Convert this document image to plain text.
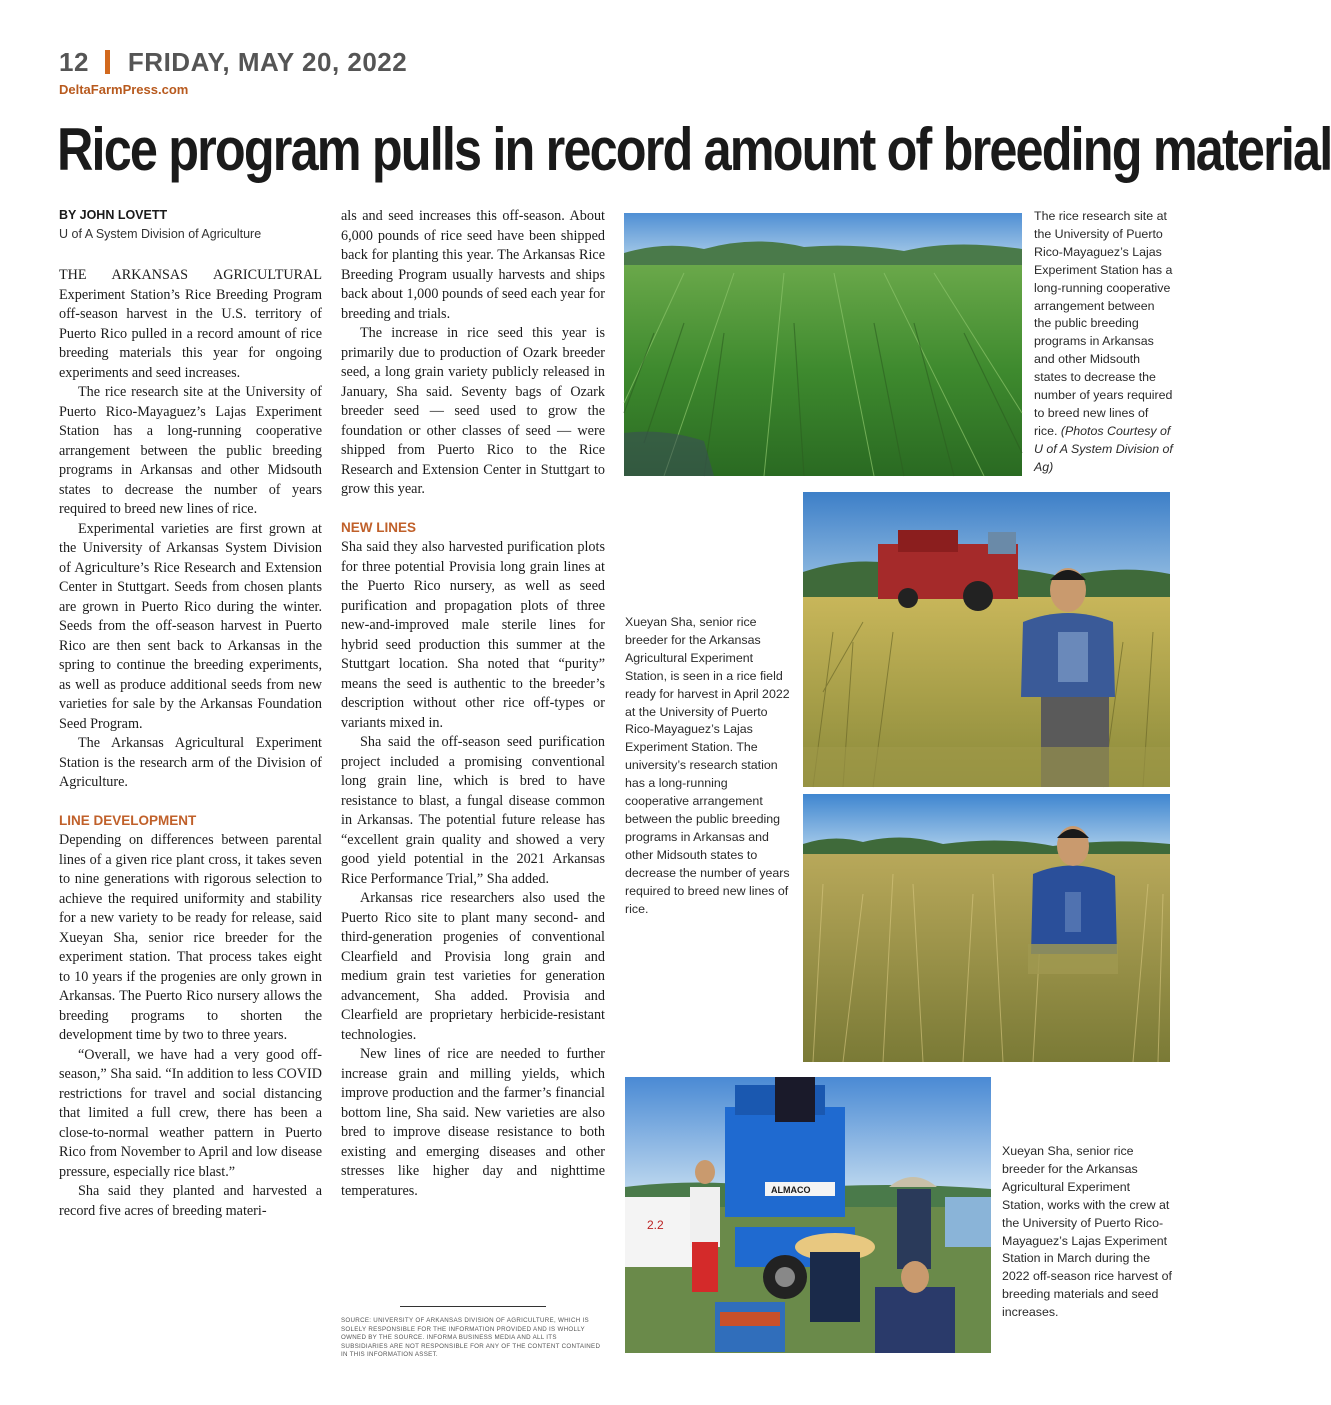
12 FRIDAY, MAY 20, 2022
DeltaFarmPress.com
Rice program pulls in record amount of breeding material
BY JOHN LOVETT
U of A System Division of Agriculture

THE ARKANSAS AGRICULTURAL Experiment Station’s Rice Breeding Program off-season harvest in the U.S. territory of Puerto Rico pulled in a record amount of rice breeding materials this year for ongoing experiments and seed increases.

The rice research site at the University of Puerto Rico-Mayaguez’s Lajas Experiment Station has a long-running cooperative arrangement between the public breeding programs in Arkansas and other Midsouth states to decrease the number of years required to breed new lines of rice.

Experimental varieties are first grown at the University of Arkansas System Division of Agriculture’s Rice Research and Extension Center in Stuttgart. Seeds from chosen plants are grown in Puerto Rico during the winter. Seeds from the off-season harvest in Puerto Rico are then sent back to Arkansas in the spring to continue the breeding experiments, as well as produce additional seeds from new varieties for sale by the Arkansas Foundation Seed Program.

The Arkansas Agricultural Experiment Station is the research arm of the Division of Agriculture.

LINE DEVELOPMENT

Depending on differences between parental lines of a given rice plant cross, it takes seven to nine generations with rigorous selection to achieve the required uniformity and stability for a new variety to be ready for release, said Xueyan Sha, senior rice breeder for the experiment station. That process takes eight to 10 years if the progenies are only grown in Arkansas. The Puerto Rico nursery allows the breeding programs to shorten the development time by two to three years.

“Overall, we have had a very good off-season,” Sha said. “In addition to less COVID restrictions for travel and social distancing that limited a full crew, there has been a close-to-normal weather pattern in Puerto Rico from November to April and low disease pressure, especially rice blast.”

Sha said they planted and harvested a record five acres of breeding materi-

als and seed increases this off-season. About 6,000 pounds of rice seed have been shipped back for planting this year. The Arkansas Rice Breeding Program usually harvests and ships back about 1,000 pounds of seed each year for breeding and trials.

The increase in rice seed this year is primarily due to production of Ozark breeder seed, a long grain variety publicly released in January, Sha said. Seventy bags of Ozark breeder seed — seed used to grow the foundation or other classes of seed — were shipped from Puerto Rico to the Rice Research and Extension Center in Stuttgart to grow this year.

NEW LINES

Sha said they also harvested purification plots for three potential Provisia long grain lines at the Puerto Rico nursery, as well as seed purification and propagation plots of three new-and-improved male sterile lines for hybrid seed production this summer at the Stuttgart location. Sha noted that “purity” means the seed is authentic to the breeder’s description without other rice off-types or variants mixed in.

Sha said the off-season seed purification project included a promising conventional long grain line, which is bred to have resistance to blast, a fungal disease common in Arkansas. The potential future release has “excellent grain quality and showed a very good yield potential in the 2021 Arkansas Rice Performance Trial,” Sha added.

Arkansas rice researchers also used the Puerto Rico site to plant many second- and third-generation progenies of conventional Clearfield and Provisia long grain and medium grain test varieties for generation advancement, Sha added. Provisia and Clearfield are proprietary herbicide-resistant technologies.

New lines of rice are needed to further increase grain and milling yields, which improve production and the farmer’s financial bottom line, Sha said. New varieties are also bred to improve disease resistance to both existing and emerging diseases and other stresses like higher day and nighttime temperatures.

SOURCE: UNIVERSITY OF ARKANSAS DIVISION OF AGRICULTURE, WHICH IS SOLELY RESPONSIBLE FOR THE INFORMATION PROVIDED AND IS WHOLLY OWNED BY THE SOURCE. INFORMA BUSINESS MEDIA AND ALL ITS SUBSIDIARIES ARE NOT RESPONSIBLE FOR ANY OF THE CONTENT CONTAINED IN THIS INFORMATION ASSET.
2.2
ALMACO
The rice research site at the University of Puerto Rico-Mayaguez’s Lajas Experiment Station has a long-running cooperative arrangement between the public breeding programs in Arkansas and other Midsouth states to decrease the number of years required to breed new lines of rice. (Photos Courtesy of U of A System Division of Ag)
Xueyan Sha, senior rice breeder for the Arkansas Agricultural Experiment Station, is seen in a rice field ready for harvest in April 2022 at the University of Puerto Rico-Mayaguez’s Lajas Experiment Station. The university’s research station has a long-running cooperative arrangement between the public breeding programs in Arkansas and other Midsouth states to decrease the number of years required to breed new lines of rice.
Xueyan Sha, senior rice breeder for the Arkansas Agricultural Experiment Station, works with the crew at the University of Puerto Rico-Mayaguez’s Lajas Experiment Station in March during the 2022 off-season rice harvest of breeding materials and seed increases.
